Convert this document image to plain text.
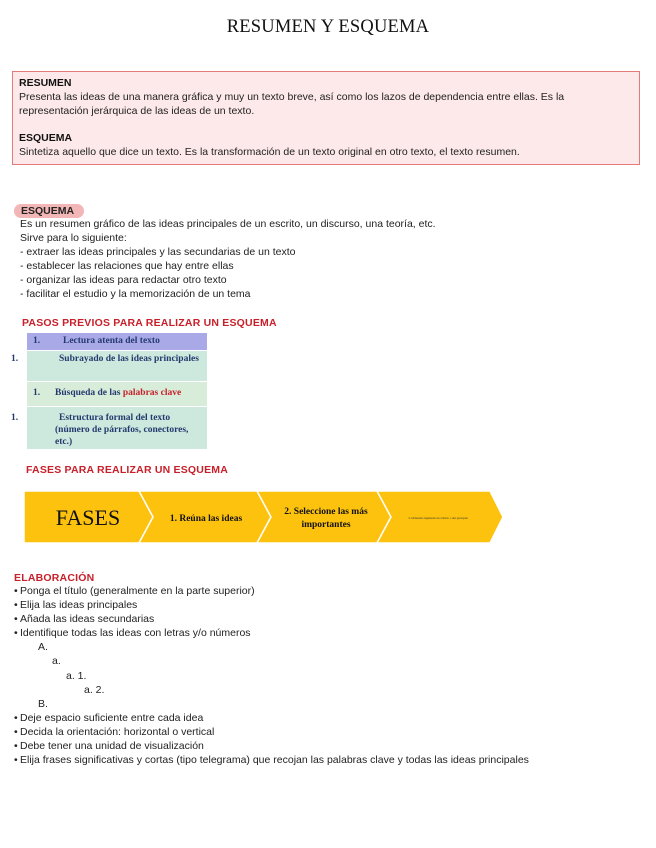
RESUMEN Y ESQUEMA
RESUMEN

Presenta las ideas de una manera gráfica y muy un texto breve, así como los lazos de dependencia entre ellas. Es la

representación jerárquica de las ideas de un texto.

ESQUEMA

Sintetiza aquello que dice un texto. Es la transformación de un texto original en otro texto, el texto resumen.

ESQUEMA
Es un resumen gráfico de las ideas principales de un escrito, un discurso, una teoría, etc.
Sirve para lo siguiente:
- extraer las ideas principales y las secundarias de un texto
- establecer las relaciones que hay entre ellas
- organizar las ideas para redactar otro texto
- facilitar el estudio y la memorización de un tema
PASOS PREVIOS PARA REALIZAR UN ESQUEMA
1. Lectura atenta del texto
1.	Subrayado de las ideas principales
1. Búsqueda de las palabras clave
1.	Estructura formal del texto (número de párrafos, conectores, etc.)
FASES PARA REALIZAR UN ESQUEMA
FASES	1. Reúna las ideas
2. Seleccione las más
importantes
3. Ordenelas siguiendo un criterio o una jerarquía
ELABORACIÓN
• Ponga el título (generalmente en la parte superior)
• Elija las ideas principales
• Añada las ideas secundarias
• Identifique todas las ideas con letras y/o números
A.
a.
a. 1.
a. 2.
B.
• Deje espacio suficiente entre cada idea
• Decida la orientación: horizontal o vertical
• Debe tener una unidad de visualización
• Elija frases significativas y cortas (tipo telegrama) que recojan las palabras clave y todas las ideas principales
